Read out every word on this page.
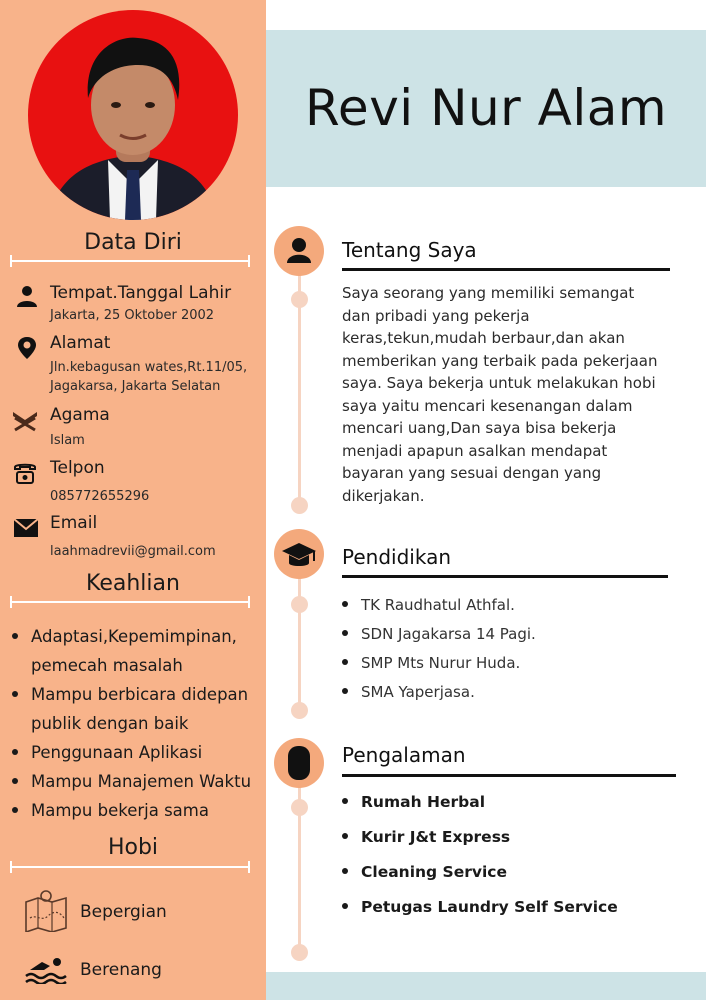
Data Diri
Tempat.Tanggal Lahir
Jakarta, 25 Oktober 2002
Alamat
Jln.kebagusan wates,Rt.11/05,
Jagakarsa, Jakarta Selatan
Agama
Islam
Telpon
085772655296
Email
laahmadrevii@gmail.com
Keahlian
Adaptasi,Kepemimpinan,
pemecah masalah
Mampu berbicara didepan
publik dengan baik
Penggunaan Aplikasi
Mampu Manajemen Waktu
Mampu bekerja sama
Hobi
Bepergian
Berenang
Revi Nur Alam
Tentang Saya
Saya seorang yang memiliki semangat
dan pribadi yang pekerja
keras,tekun,mudah berbaur,dan akan
memberikan yang terbaik pada pekerjaan
saya. Saya bekerja untuk melakukan hobi
saya yaitu mencari kesenangan dalam
mencari uang,Dan saya bisa bekerja
menjadi apapun asalkan mendapat
bayaran yang sesuai dengan yang
dikerjakan.
Pendidikan
TK Raudhatul Athfal.
SDN Jagakarsa 14 Pagi.
SMP Mts Nurur Huda.
SMA Yaperjasa.
Pengalaman
Rumah Herbal
Kurir J&t Express
Cleaning Service
Petugas Laundry Self Service
